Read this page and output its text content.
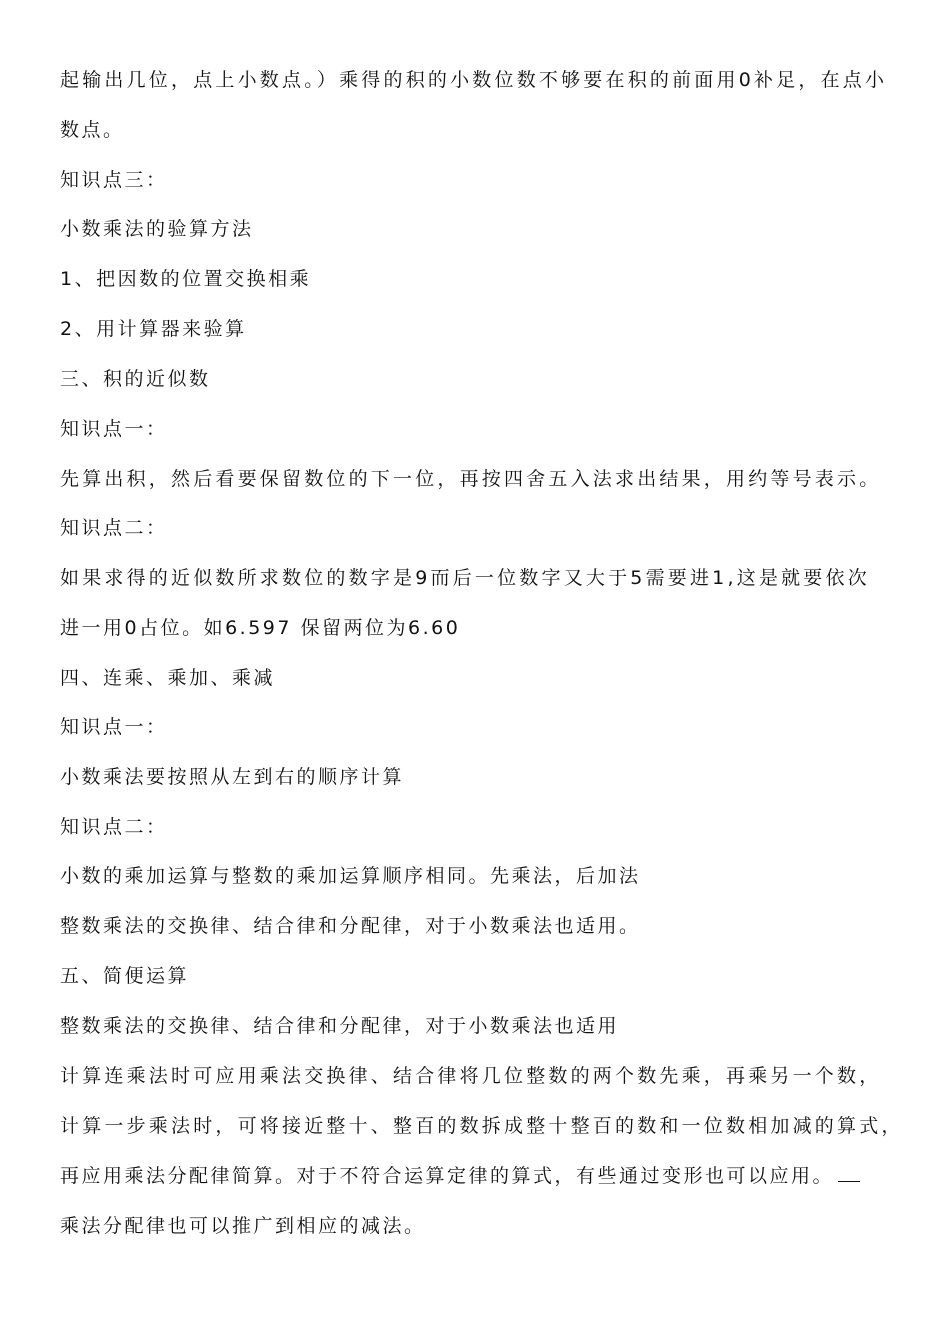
起输出几位，点上小数点。）乘得的积的小数位数不够要在积的前面用0补足，在点小
数点。
知识点三：
小数乘法的验算方法
1、把因数的位置交换相乘
2、用计算器来验算
三、积的近似数
知识点一：
先算出积，然后看要保留数位的下一位，再按四舍五入法求出结果，用约等号表示。
知识点二：
如果求得的近似数所求数位的数字是9而后一位数字又大于5需要进1,这是就要依次
进一用0占位。如6.597 保留两位为6.60
四、连乘、乘加、乘减
知识点一：
小数乘法要按照从左到右的顺序计算
知识点二：
小数的乘加运算与整数的乘加运算顺序相同。先乘法，后加法
整数乘法的交换律、结合律和分配律，对于小数乘法也适用。
五、简便运算
整数乘法的交换律、结合律和分配律，对于小数乘法也适用
计算连乘法时可应用乘法交换律、结合律将几位整数的两个数先乘，再乘另一个数，
计算一步乘法时，可将接近整十、整百的数拆成整十整百的数和一位数相加减的算式，
再应用乘法分配律简算。对于不符合运算定律的算式，有些通过变形也可以应用。
乘法分配律也可以推广到相应的减法。
